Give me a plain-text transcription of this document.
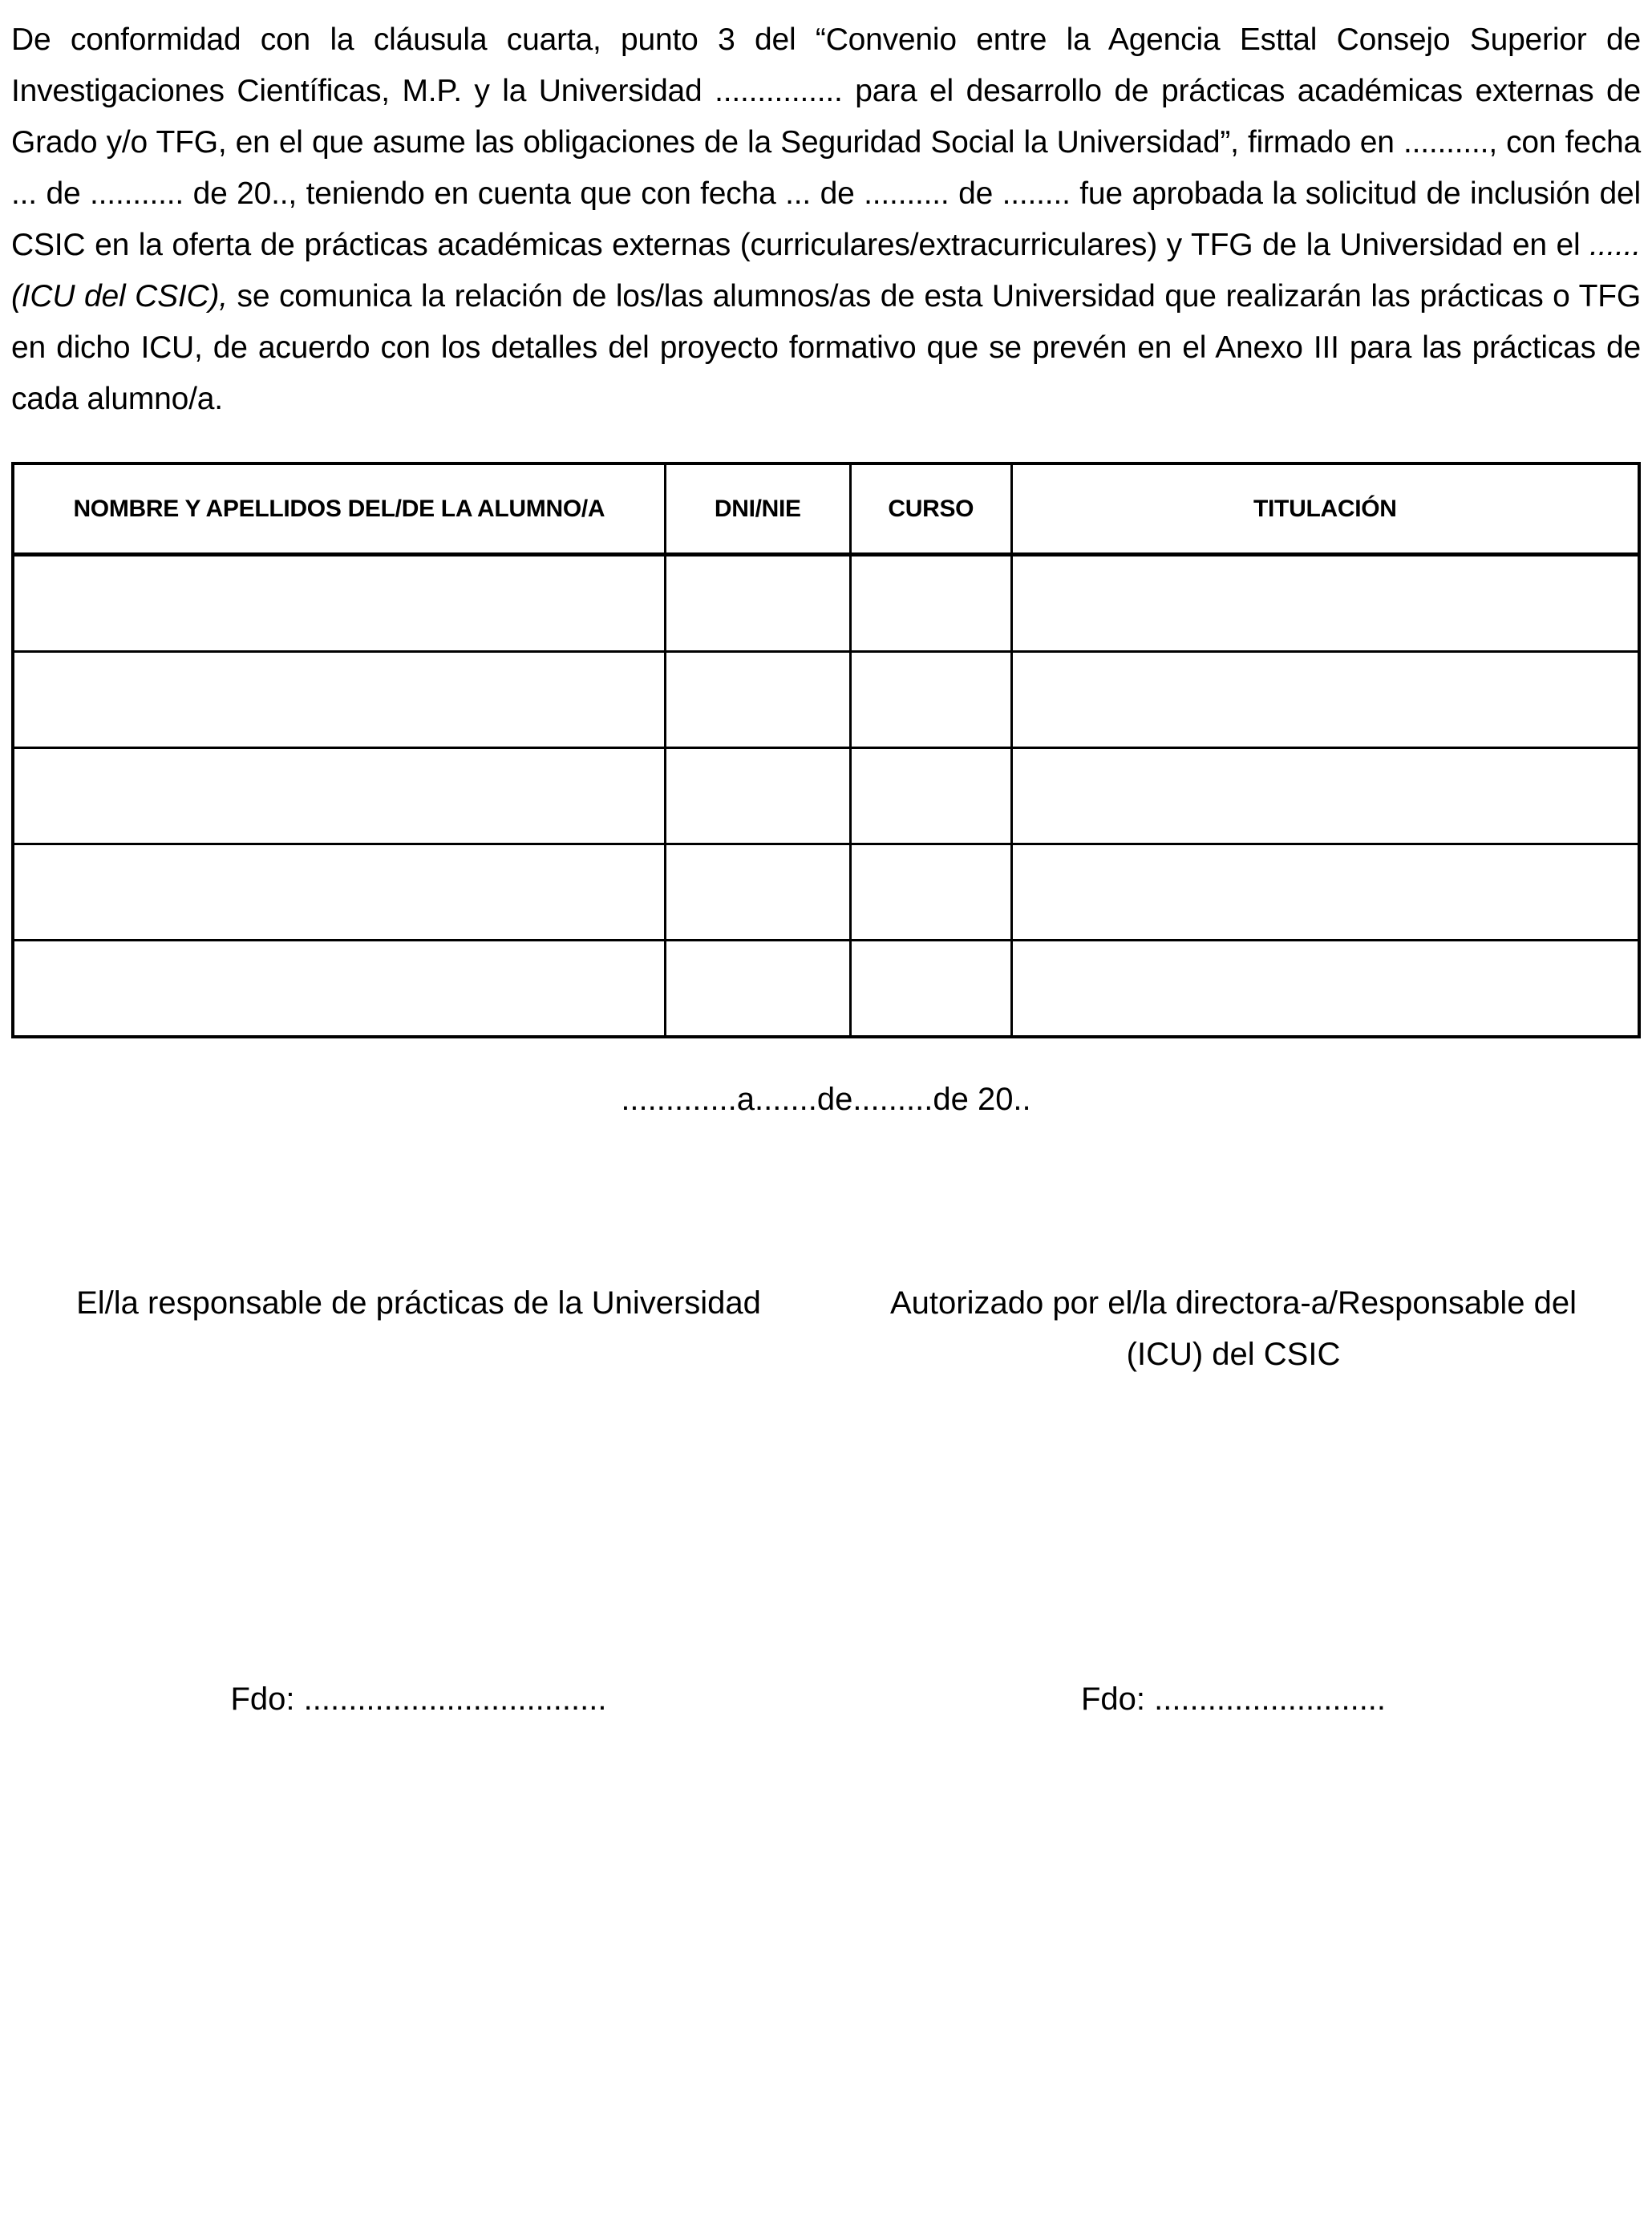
De conformidad con la cláusula cuarta, punto 3 del “Convenio entre la Agencia Esttal Consejo Superior de Investigaciones Científicas, M.P. y la Universidad ............... para el desarrollo de prácticas académicas externas de Grado y/o TFG, en el que asume las obligaciones de la Seguridad Social la Universidad”, firmado en .........., con fecha ... de ........... de 20.., teniendo en cuenta que con fecha ... de .......... de ........ fue aprobada la solicitud de inclusión del CSIC en la oferta de prácticas académicas externas (curriculares/extracurriculares) y TFG de la Universidad en el ......(ICU del CSIC), se comunica la relación de los/las alumnos/as de esta Universidad que realizarán las prácticas o TFG en dicho ICU, de acuerdo con los detalles del proyecto formativo que se prevén en el Anexo III para las prácticas de cada alumno/a.

NOMBRE Y APELLIDOS DEL/DE LA ALUMNO/A	DNI/NIE	CURSO	TITULACIÓN

.............a.......de.........de 20..
El/la responsable de prácticas de la Universidad	Autorizado por el/la directora-a/Responsable del
(ICU) del CSIC
Fdo: ..................................	Fdo: ..........................
